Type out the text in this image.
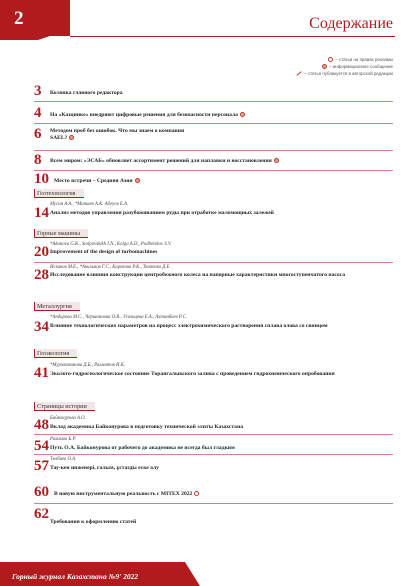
2	Содержание
– статьи на правах рекламы
– информационное сообщение
– статья публикуется в авторской редакции
3 Колонка главного редактора
4 На «Казцинке» внедряют цифровые решения для безопасности персонала
6 Методом проб без ошибок. Что мы знаем о компании SAEL?
8 Всем миром: «ЭСАБ» обновляет ассортимент решений для наплавки и восстановления
10 Место встречи – Средняя Азия
Геотехнология
14
Мусин А.А., *Матаев А.К. Абеуов Е.А.
Анализ методов управления разубоживанием руды при отработке маломощных залежей
Горные машины
20 *Akanova G.K., Stolpovskikh I.N., Kolga A.D., Podbelskov S.V.
Improvement of the design of turbomachines
28 Искаков М.Е., *Акильнов Г.С., Карнелов Р.К., Ткаченко Д.Е.
Исследование влияния конструкции центробежного колеса на напорные характеристики многоступенчатого насоса
Металлургия
34
*Андарова М.С., Чершнинова О.В., Усольцева Е.А., Ахтанбаев Р.С.
Влияние технологических параметров на процесс электрохимического растворения сплава олова со свинцом
Геоэкология
41 *Мурзатканова Д.Б., Рахматов И.К.
Эколого-гидрогеологическое состояние Торангалыкского залива с проведением гидрохимического опробования
Страницы истории
48 Байконурова А.О.
Вклад академика Байконурова в подготовку технической элиты Казахстана
54 Рахимов Б.Р.
Путь О.А. Байконурова от рабочего до академика не всегда был гладким
57 Төлбаев О.А.
Тау-кен инженері, ғалым, ұстазды еске алу
60 В новую инструментальную реальность с MITEX 2022
62 Требования к оформлению статей
Горный журнал Казахстана №9' 2022
